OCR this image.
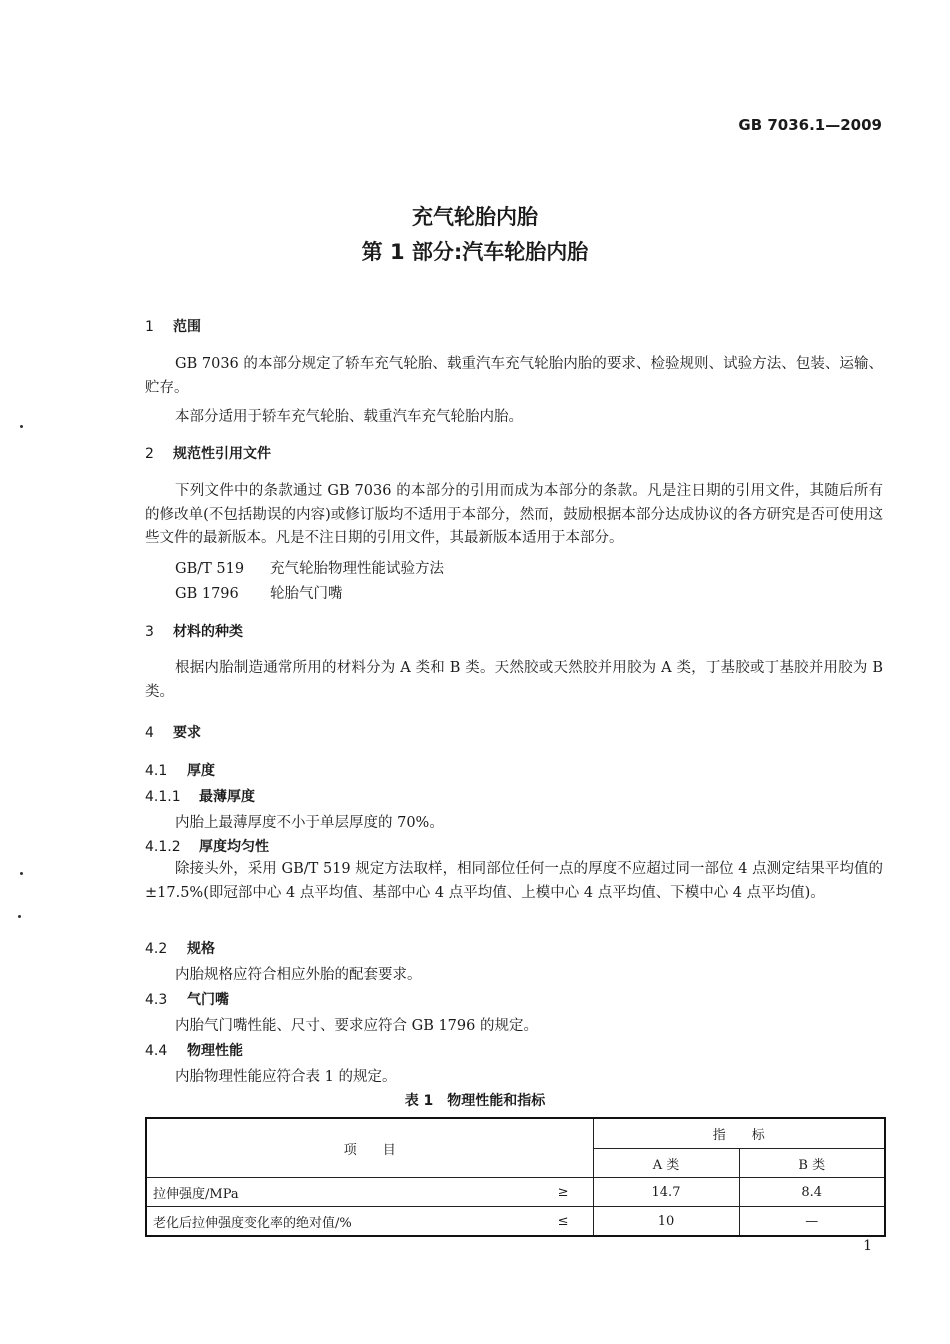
GB 7036.1—2009
充气轮胎内胎
第 1 部分:汽车轮胎内胎
1 范围
GB 7036 的本部分规定了轿车充气轮胎、载重汽车充气轮胎内胎的要求、检验规则、试验方法、包装、运输、贮存。
本部分适用于轿车充气轮胎、载重汽车充气轮胎内胎。
2 规范性引用文件
下列文件中的条款通过 GB 7036 的本部分的引用而成为本部分的条款。凡是注日期的引用文件，其随后所有的修改单(不包括勘误的内容)或修订版均不适用于本部分，然而，鼓励根据本部分达成协议的各方研究是否可使用这些文件的最新版本。凡是不注日期的引用文件，其最新版本适用于本部分。
GB/T 519 充气轮胎物理性能试验方法
GB 1796 轮胎气门嘴
3 材料的种类
根据内胎制造通常所用的材料分为 A 类和 B 类。天然胶或天然胶并用胶为 A 类，丁基胶或丁基胶并用胶为 B 类。
4 要求
4.1 厚度
4.1.1 最薄厚度
内胎上最薄厚度不小于单层厚度的 70%。
4.1.2 厚度均匀性
除接头外，采用 GB/T 519 规定方法取样，相同部位任何一点的厚度不应超过同一部位 4 点测定结果平均值的±17.5%(即冠部中心 4 点平均值、基部中心 4 点平均值、上模中心 4 点平均值、下模中心 4 点平均值)。
4.2 规格
内胎规格应符合相应外胎的配套要求。
4.3 气门嘴
内胎气门嘴性能、尺寸、要求应符合 GB 1796 的规定。
4.4 物理性能
内胎物理性能应符合表 1 的规定。
表 1　物理性能和指标
项　　目	指　　标	
	A 类	B 类

拉伸强度/MPa ≥	14.7	8.4

老化后拉伸强度变化率的绝对值/% ≤	10	—
1
